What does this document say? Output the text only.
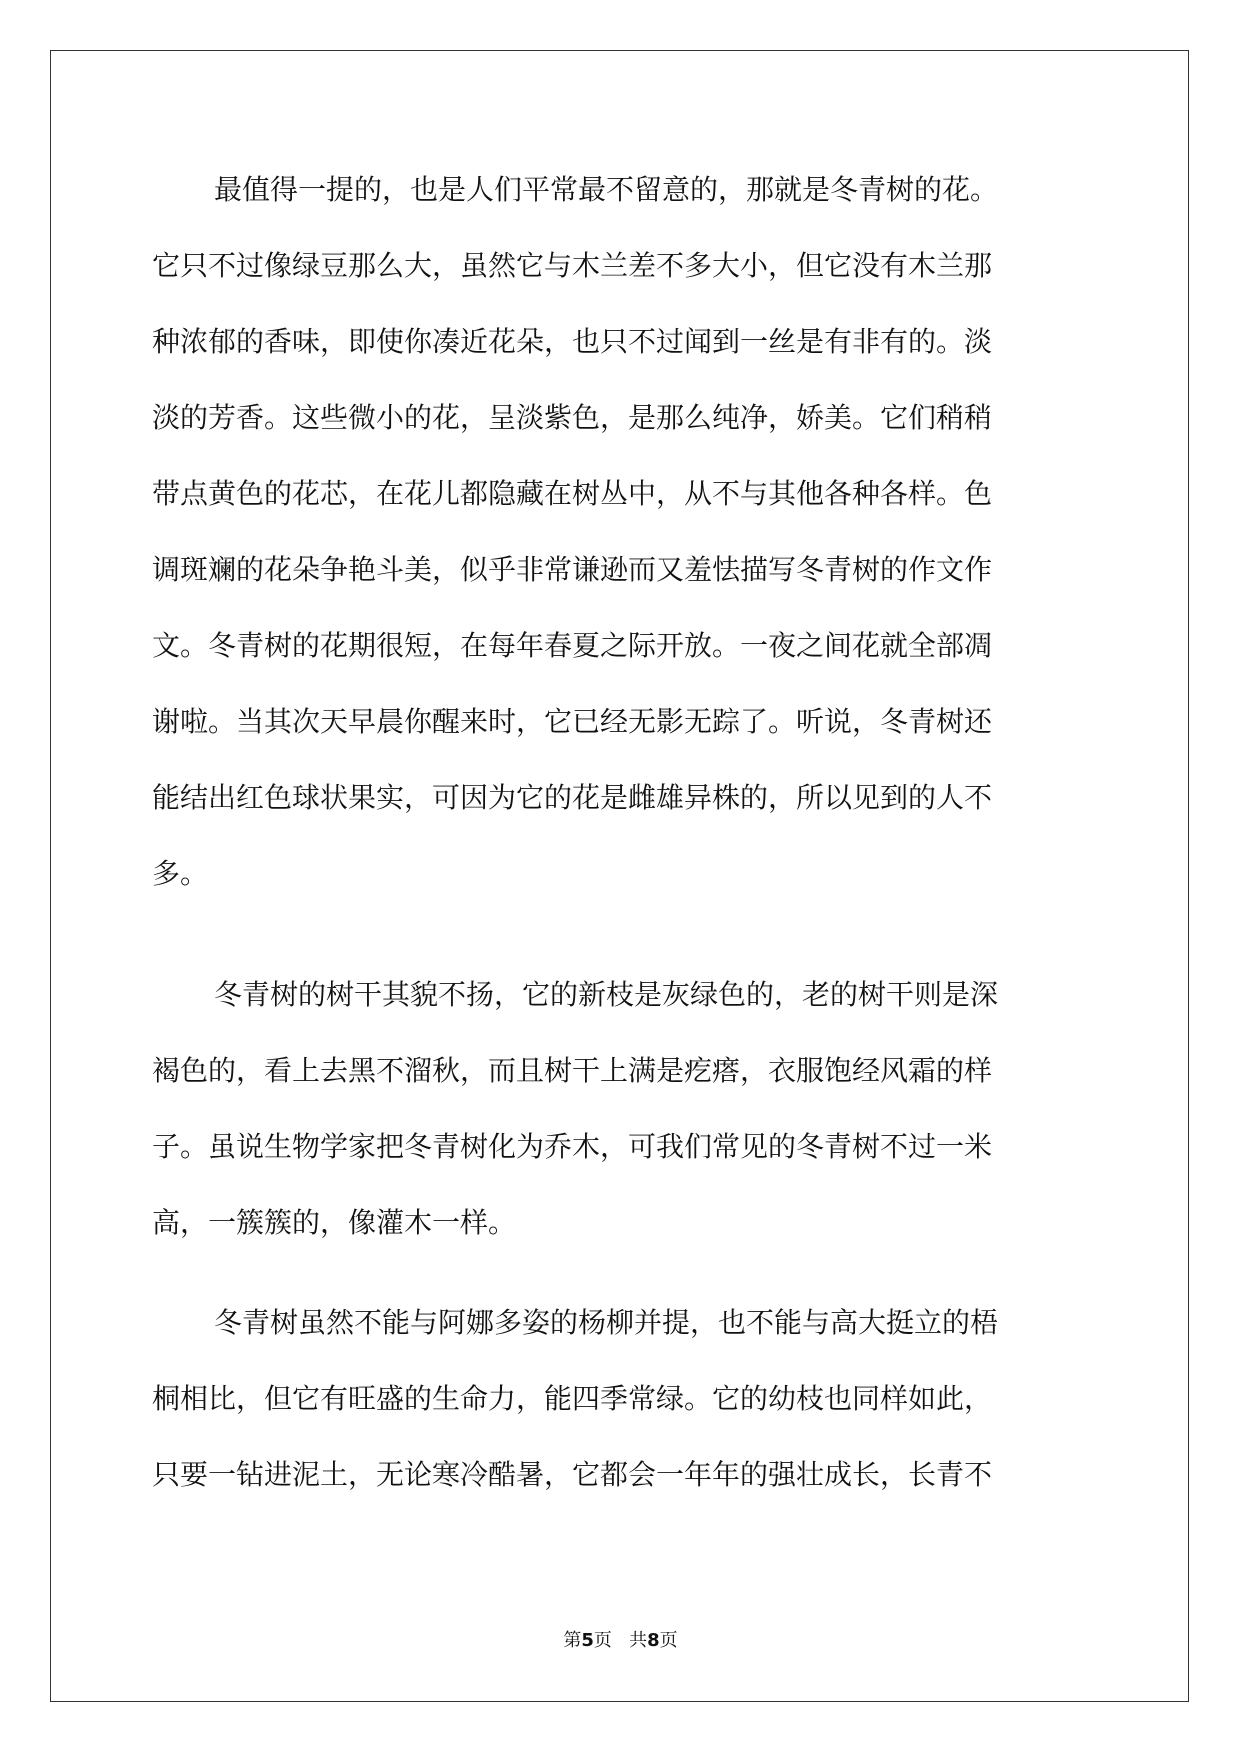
最值得一提的，也是人们平常最不留意的，那就是冬青树的花。
它只不过像绿豆那么大，虽然它与木兰差不多大小，但它没有木兰那
种浓郁的香味，即使你凑近花朵，也只不过闻到一丝是有非有的。淡
淡的芳香。这些微小的花，呈淡紫色，是那么纯净，娇美。它们稍稍
带点黄色的花芯，在花儿都隐藏在树丛中，从不与其他各种各样。色
调斑斓的花朵争艳斗美，似乎非常谦逊而又羞怯描写冬青树的作文作
文。冬青树的花期很短，在每年春夏之际开放。一夜之间花就全部凋
谢啦。当其次天早晨你醒来时，它已经无影无踪了。听说，冬青树还
能结出红色球状果实，可因为它的花是雌雄异株的，所以见到的人不
多。
冬青树的树干其貌不扬，它的新枝是灰绿色的，老的树干则是深
褐色的，看上去黑不溜秋，而且树干上满是疙瘩，衣服饱经风霜的样
子。虽说生物学家把冬青树化为乔木，可我们常见的冬青树不过一米
高，一簇簇的，像灌木一样。
冬青树虽然不能与阿娜多姿的杨柳并提，也不能与高大挺立的梧
桐相比，但它有旺盛的生命力，能四季常绿。它的幼枝也同样如此，
只要一钻进泥土，无论寒冷酷暑，它都会一年年的强壮成长，长青不
第5页 共8页
